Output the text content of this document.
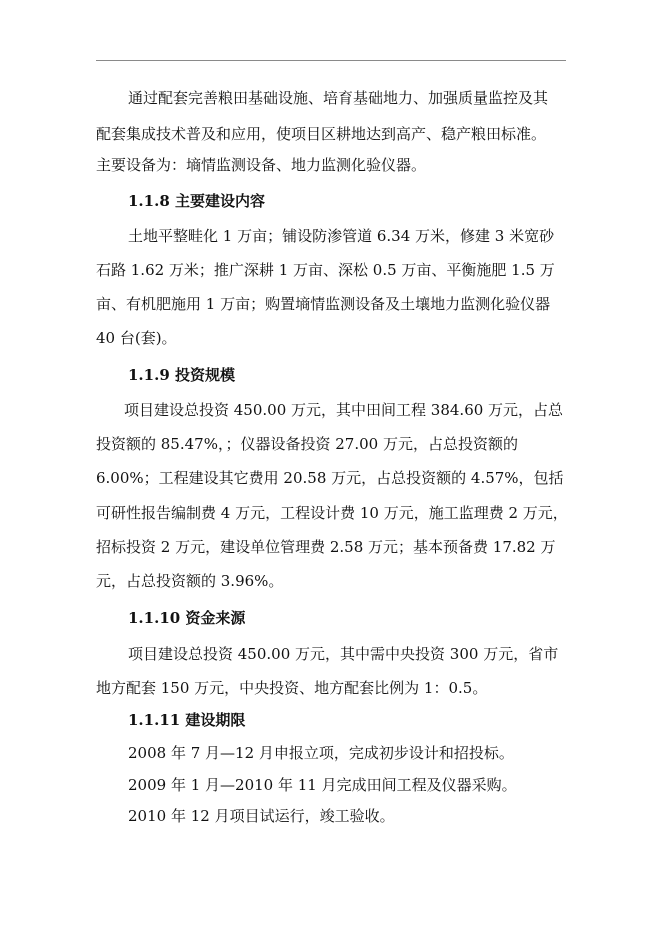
通过配套完善粮田基础设施、培育基础地力、加强质量监控及其
配套集成技术普及和应用，使项目区耕地达到高产、稳产粮田标准。
主要设备为：墒情监测设备、地力监测化验仪器。
1.1.8 主要建设内容
土地平整畦化 1 万亩；铺设防渗管道 6.34 万米，修建 3 米宽砂
石路 1.62 万米；推广深耕 1 万亩、深松 0.5 万亩、平衡施肥 1.5 万
亩、有机肥施用 1 万亩；购置墒情监测设备及土壤地力监测化验仪器
40 台(套)。
1.1.9 投资规模
项目建设总投资 450.00 万元，其中田间工程 384.60 万元，占总
投资额的 85.47%，；仪器设备投资 27.00 万元，占总投资额的
6.00%；工程建设其它费用 20.58 万元，占总投资额的 4.57%，包括
可研性报告编制费 4 万元，工程设计费 10 万元，施工监理费 2 万元，
招标投资 2 万元，建设单位管理费 2.58 万元；基本预备费 17.82 万
元，占总投资额的 3.96%。
1.1.10 资金来源
项目建设总投资 450.00 万元，其中需中央投资 300 万元，省市
地方配套 150 万元，中央投资、地方配套比例为 1：0.5。
1.1.11 建设期限
2008 年 7 月—12 月申报立项，完成初步设计和招投标。
2009 年 1 月—2010 年 11 月完成田间工程及仪器采购。
2010 年 12 月项目试运行，竣工验收。
